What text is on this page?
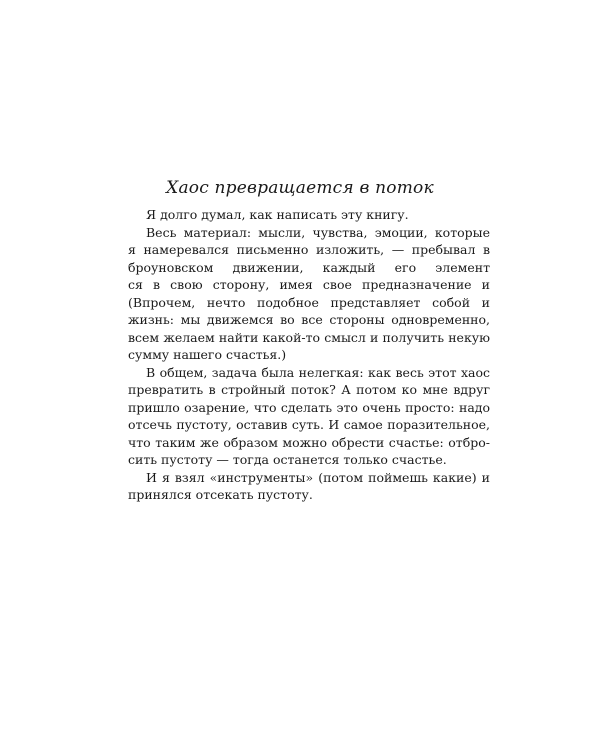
Хаос превращается в поток
Я долго думал, как написать эту книгу.
Весь материал: мысли, чувства, эмоции, которые
я намеревался письменно изложить, — пребывал в
броуновском движении, каждый его элемент
ся в свою сторону, имея свое предназначение и
(Впрочем, нечто подобное представляет собой и
жизнь: мы движемся во все стороны одновременно,
всем желаем найти какой-то смысл и получить некую
сумму нашего счастья.)
В общем, задача была нелегкая: как весь этот хаос
превратить в стройный поток? А потом ко мне вдруг
пришло озарение, что сделать это очень просто: надо
отсечь пустоту, оставив суть. И самое поразительное,
что таким же образом можно обрести счастье: отбро-
сить пустоту — тогда останется только счастье.
И я взял «инструменты» (потом поймешь какие) и
принялся отсекать пустоту.
